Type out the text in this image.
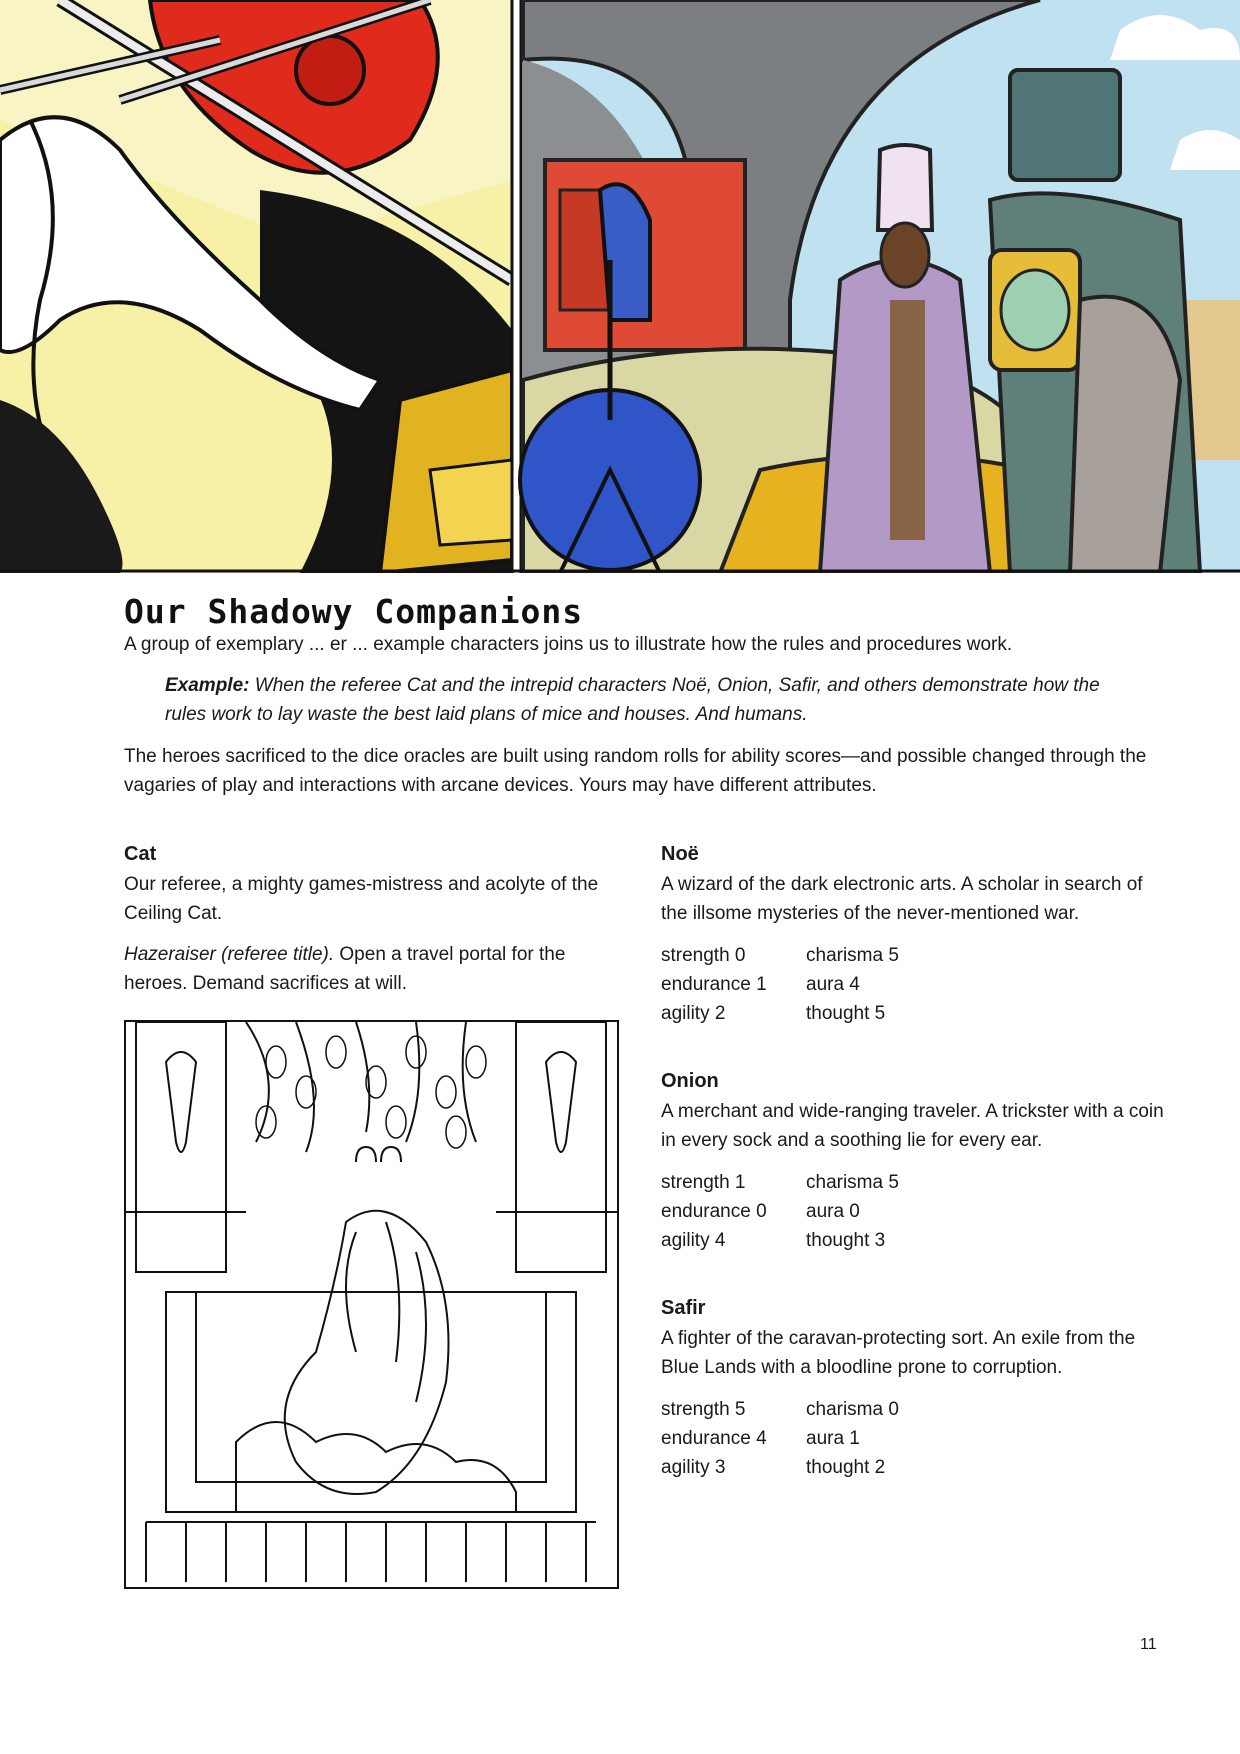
Our Shadowy Companions

A group of exemplary ... er ... example characters joins us to illustrate how the rules and procedures work.

Example: When the referee Cat and the intrepid characters Noë, Onion, Safir, and others demonstrate how the rules work to lay waste the best laid plans of mice and houses. And humans.

The heroes sacrificed to the dice oracles are built using random rolls for ability scores—and possible changed through the vagaries of play and interactions with arcane devices. Yours may have different attributes.

Cat
Our referee, a mighty games-mistress and acolyte of the Ceiling Cat.
Hazeraiser (referee title). Open a travel portal for the heroes. Demand sacrifices at will.
Noë
A wizard of the dark electronic arts. A scholar in search of the illsome mysteries of the never-mentioned war.
strength 0	charisma 5
endurance 1	aura 4
agility 2	thought 5
Onion
A merchant and wide-ranging traveler. A trickster with a coin in every sock and a soothing lie for every ear.
strength 1	charisma 5
endurance 0	aura 0
agility 4	thought 3
Safir
A fighter of the caravan-protecting sort. An exile from the Blue Lands with a bloodline prone to corruption.
strength 5	charisma 0
endurance 4	aura 1
agility 3	thought 2
11
